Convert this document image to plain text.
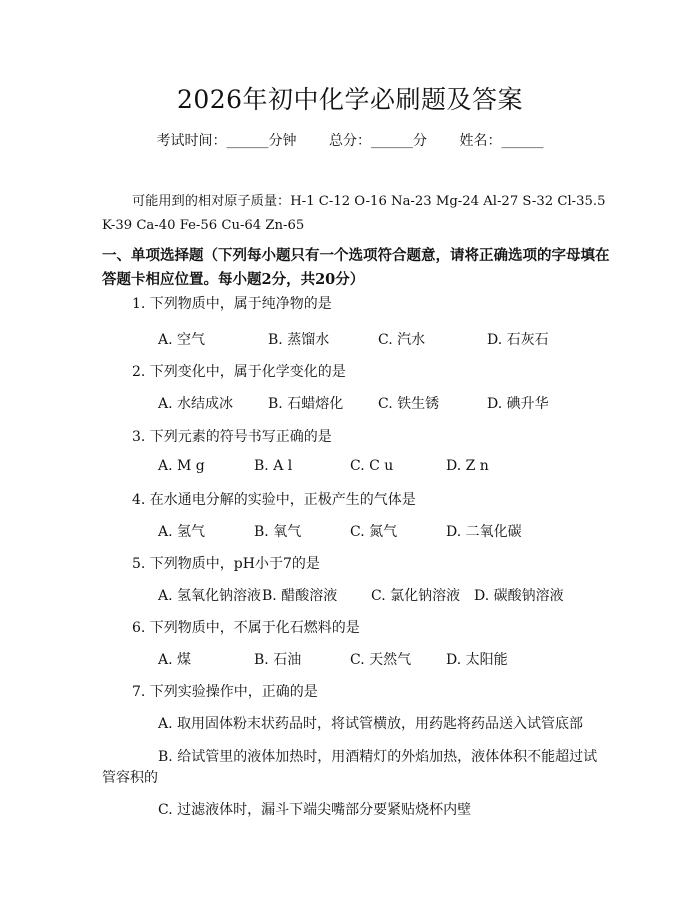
2026年初中化学必刷题及答案
考试时间：______分钟 总分：______分 姓名：______
可能用到的相对原子质量：H-1 C-12 O-16 Na-23 Mg-24 Al-27 S-32 Cl-35.5
K-39 Ca-40 Fe-56 Cu-64 Zn-65
一、单项选择题（下列每小题只有一个选项符合题意，请将正确选项的字母填在
答题卡相应位置。每小题2分，共20分）
1. 下列物质中，属于纯净物的是
A. 空气	B. 蒸馏水	C. 汽水	D. 石灰石
2. 下列变化中，属于化学变化的是
A. 水结成冰 B. 石蜡熔化 C. 铁生锈	D. 碘升华
3. 下列元素的符号书写正确的是
A. M g	B. A l	C. C u	D. Z n
4. 在水通电分解的实验中，正极产生的气体是
A. 氢气	B. 氧气	C. 氮气	D. 二氧化碳
5. 下列物质中，pH小于7的是
A. 氢氧化钠溶液 B. 醋酸溶液 C. 氯化钠溶液 D. 碳酸钠溶液
6. 下列物质中，不属于化石燃料的是
A. 煤	B. 石油	C. 天然气 D. 太阳能
7. 下列实验操作中，正确的是
A. 取用固体粉末状药品时，将试管横放，用药匙将药品送入试管底部
B. 给试管里的液体加热时，用酒精灯的外焰加热，液体体积不能超过试
管容积的
C. 过滤液体时，漏斗下端尖嘴部分要紧贴烧杯内壁
